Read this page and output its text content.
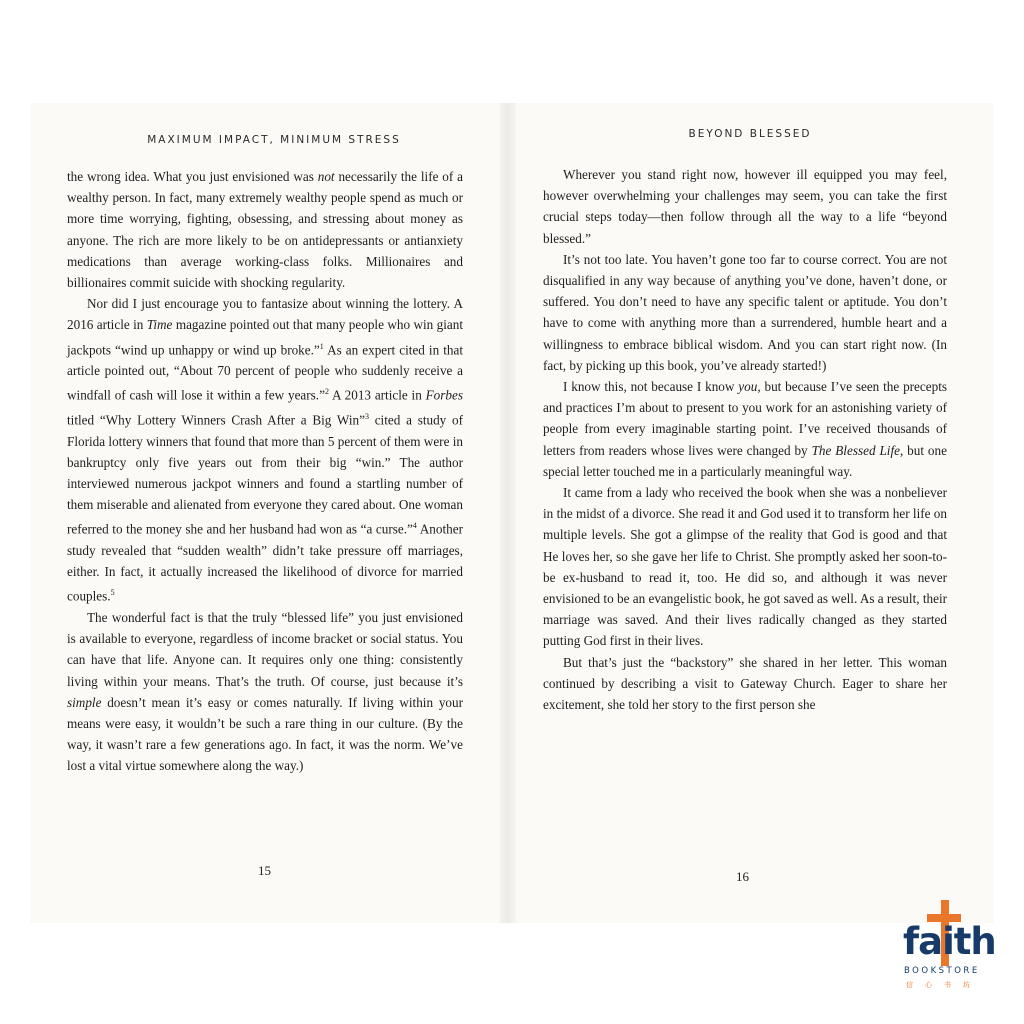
MAXIMUM IMPACT, MINIMUM STRESS

the wrong idea. What you just envisioned was not necessarily the life of a wealthy person. In fact, many extremely wealthy people spend as much or more time worrying, fighting, obsessing, and stressing about money as anyone. The rich are more likely to be on antidepressants or antianxiety medications than average working-class folks. Millionaires and billionaires commit suicide with shocking regularity.

Nor did I just encourage you to fantasize about winning the lottery. A 2016 article in Time magazine pointed out that many people who win giant jackpots “wind up unhappy or wind up broke.”$^1$ As an expert cited in that article pointed out, “About 70 percent of people who suddenly receive a windfall of cash will lose it within a few years.”$^2$ A 2013 article in Forbes titled “Why Lottery Winners Crash After a Big Win”$^3$ cited a study of Florida lottery winners that found that more than 5 percent of them were in bankruptcy only five years out from their big “win.” The author interviewed numerous jackpot winners and found a startling number of them miserable and alienated from everyone they cared about. One woman referred to the money she and her husband had won as “a curse.”$^4$ Another study revealed that “sudden wealth” didn’t take pressure off marriages, either. In fact, it actually increased the likelihood of divorce for married couples.$^5$

The wonderful fact is that the truly “blessed life” you just envisioned is available to everyone, regardless of income bracket or social status. You can have that life. Anyone can. It requires only one thing: consistently living within your means. That’s the truth. Of course, just because it’s simple doesn’t mean it’s easy or comes naturally. If living within your means were easy, it wouldn’t be such a rare thing in our culture. (By the way, it wasn’t rare a few generations ago. In fact, it was the norm. We’ve lost a vital virtue somewhere along the way.)

BEYOND BLESSED

Wherever you stand right now, however ill equipped you may feel, however overwhelming your challenges may seem, you can take the first crucial steps today—then follow through all the way to a life “beyond blessed.”

It’s not too late. You haven’t gone too far to course correct. You are not disqualified in any way because of anything you’ve done, haven’t done, or suffered. You don’t need to have any specific talent or aptitude. You don’t have to come with anything more than a surrendered, humble heart and a willingness to embrace biblical wisdom. And you can start right now. (In fact, by picking up this book, you’ve already started!)

I know this, not because I know you, but because I’ve seen the precepts and practices I’m about to present to you work for an astonishing variety of people from every imaginable starting point. I’ve received thousands of letters from readers whose lives were changed by The Blessed Life, but one special letter touched me in a particularly meaningful way.

It came from a lady who received the book when she was a nonbeliever in the midst of a divorce. She read it and God used it to transform her life on multiple levels. She got a glimpse of the reality that God is good and that He loves her, so she gave her life to Christ. She promptly asked her soon-to-be ex-husband to read it, too. He did so, and although it was never envisioned to be an evangelistic book, he got saved as well. As a result, their marriage was saved. And their lives radically changed as they started putting God first in their lives.

But that’s just the “backstory” she shared in her letter. This woman continued by describing a visit to Gateway Church. Eager to share her excitement, she told her story to the first person she

15	16
faith
BOOKSTORE
信心书坊
